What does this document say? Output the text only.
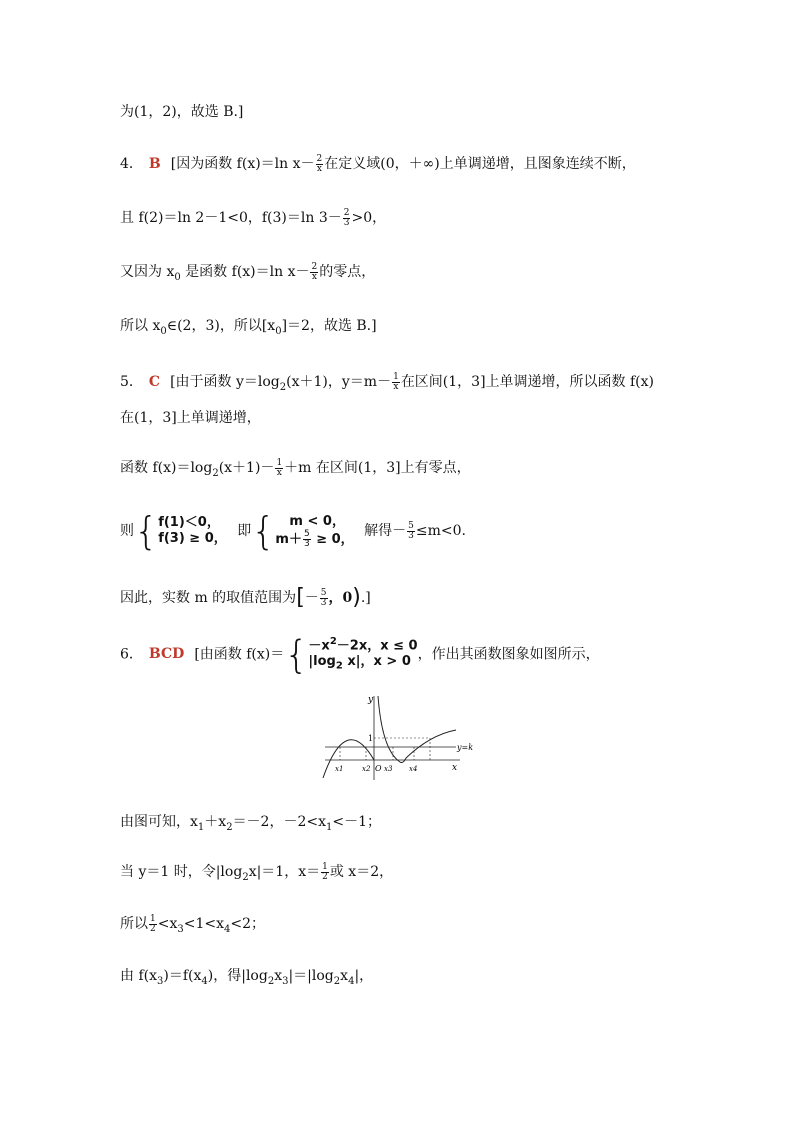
为(1，2)，故选 B.]
4． B [因为函数 f(x)＝ln $x- \frac{2}{x}$ 在定义域(0，＋∞)上单调递增，且图象连续不断，
且 f(2)＝ln 2－1<0，f(3)＝ln $3- \frac{2}{3} >0$，
又因为 $x_0$ 是函数 f(x)＝ln $x- \frac{2}{x}$ 的零点，
所以 $x_0\in(2$，3)，所以$[x_0]=2$，故选 B.]
5． C [由于函数 $y=\log_2(x+1)$，$y=m- \frac{1}{x}$ 在区间(1，3]上单调递增，所以函数 f(x)
在(1，3]上单调递增，
函数 $f(x)=\log_2(x+1)- \frac{1}{x} +m$ 在区间(1，3]上有零点，
则{ f(1)＜0，
f(3) ≥ 0， 即{	m < 0，
$m+ \frac{5}{3} \ge 0$，
解得－ $\frac{5}{3} \le m<0$.
因此，实数 m 的取值范围为[－ $\frac{5}{3}$ ，0).]
6． BCD [由函数 $f(x)=\{ -x^2-2x$，x ≤ 0
$|\log_2$ x|，x > 0 ，作出其函数图象如图所示，
y
x
1
O
y=k
x1	x2 x3 x4
由图可知，$x_1+x_2=-2$，$-2<x_1<-1$；
当 y＝1 时，令$|\log_2x|=1$，$x= \frac{1}{2}$ 或 x＝2，
所以 $\frac{1}{2} <x_3<1<x_4<2$；
由 $f(x_3)=f(x_4)$，得$|\log_2x_3|=|\log_2x_4|$，
